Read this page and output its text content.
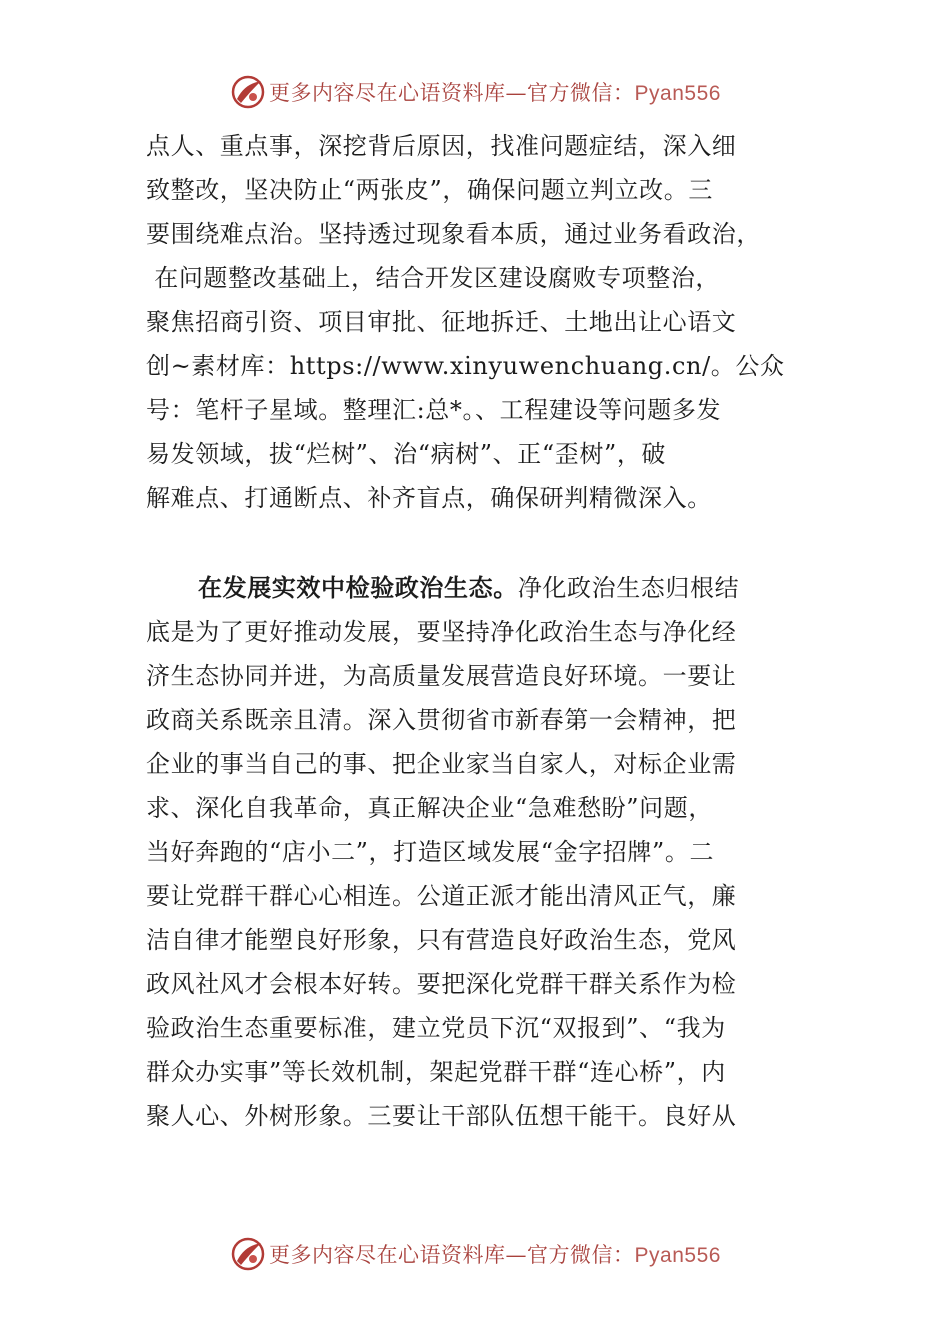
更多内容尽在心语资料库—官方微信：Pyan556
点人、重点事，深挖背后原因，找准问题症结，深入细
致整改，坚决防止“两张皮”，确保问题立判立改。三
要围绕难点治。坚持透过现象看本质，通过业务看政治，
在问题整改基础上，结合开发区建设腐败专项整治，
聚焦招商引资、项目审批、征地拆迁、土地出让心语文
创~素材库：https://www.xinyuwenchuang.cn/。公众
号：笔杆子星域。整理汇:总*。、工程建设等问题多发
易发领域，拔“烂树”、治“病树”、正“歪树”，破
解难点、打通断点、补齐盲点，确保研判精微深入。
在发展实效中检验政治生态。净化政治生态归根结
底是为了更好推动发展，要坚持净化政治生态与净化经
济生态协同并进，为高质量发展营造良好环境。一要让
政商关系既亲且清。深入贯彻省市新春第一会精神，把
企业的事当自己的事、把企业家当自家人，对标企业需
求、深化自我革命，真正解决企业“急难愁盼”问题，
当好奔跑的“店小二”，打造区域发展“金字招牌”。二
要让党群干群心心相连。公道正派才能出清风正气，廉
洁自律才能塑良好形象，只有营造良好政治生态，党风
政风社风才会根本好转。要把深化党群干群关系作为检
验政治生态重要标准，建立党员下沉“双报到”、“我为
群众办实事”等长效机制，架起党群干群“连心桥”，内
聚人心、外树形象。三要让干部队伍想干能干。良好从
更多内容尽在心语资料库—官方微信：Pyan556
